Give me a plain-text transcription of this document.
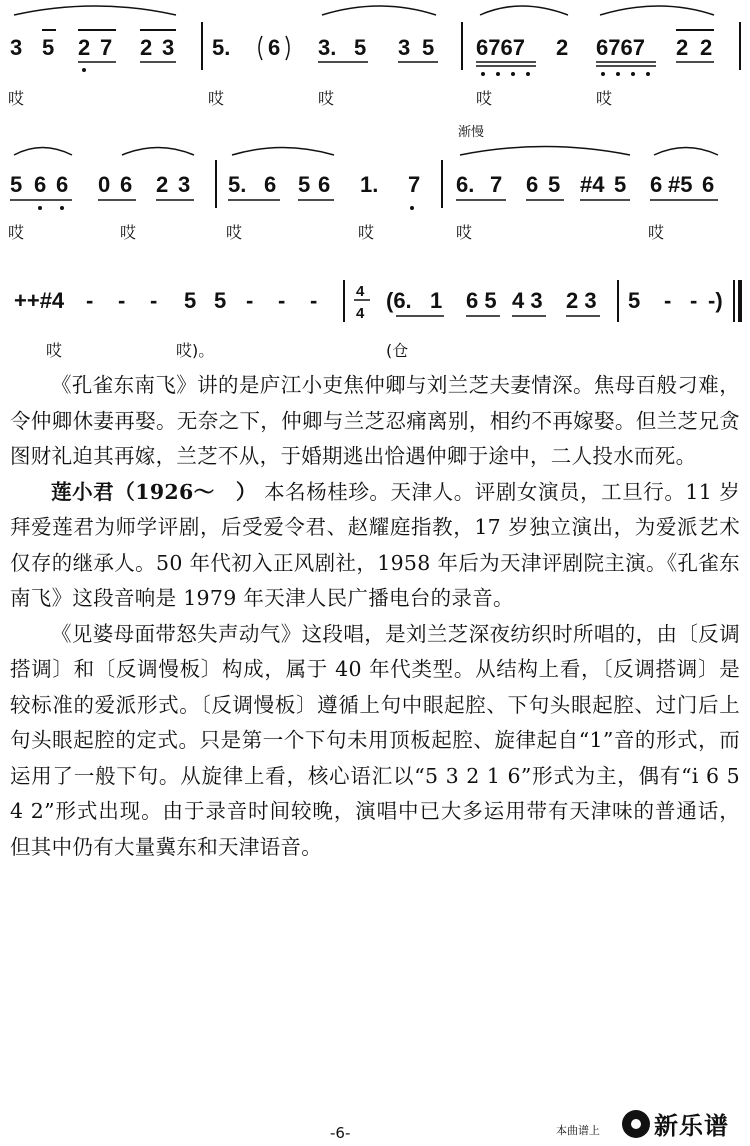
3 5 2 7 2 3 5. 6 3. 5 3 5 6767 2 6767 2 2
哎	哎	哎	哎	哎
渐慢
5 6 6 0 6 2 3 5. 6 5 6 1. 7 6. 7 6 5 #4 5 6 #5 6
哎	哎	哎	哎	哎	哎
++#4 - - - 5 5 - - -	4
4
(6. 1 6 5 4 3 2 3 5 - - -)
哎	哎)。	(仓

《孔雀东南飞》讲的是庐江小吏焦仲卿与刘兰芝夫妻情深。焦母百般刁难，令仲卿休妻再娶。无奈之下，仲卿与兰芝忍痛离别，相约不再嫁娶。但兰芝兄贪图财礼迫其再嫁，兰芝不从，于婚期逃出恰遇仲卿于途中，二人投水而死。

莲小君（1926～　） 本名杨桂珍。天津人。评剧女演员，工旦行。11 岁拜爱莲君为师学评剧，后受爱令君、赵耀庭指教，17 岁独立演出，为爱派艺术仅存的继承人。50 年代初入正风剧社，1958 年后为天津评剧院主演。《孔雀东南飞》这段音响是 1979 年天津人民广播电台的录音。

《见婆母面带怒失声动气》这段唱，是刘兰芝深夜纺织时所唱的，由〔反调搭调〕和〔反调慢板〕构成，属于 40 年代类型。从结构上看，〔反调搭调〕是较标准的爱派形式。〔反调慢板〕遵循上句中眼起腔、下句头眼起腔、过门后上句头眼起腔的定式。只是第一个下句未用顶板起腔、旋律起自“1”音的形式，而运用了一般下句。从旋律上看，核心语汇以“5 3 2 1 6”形式为主，偶有“i 6 5 4 2”形式出现。由于录音时间较晚，演唱中已大多运用带有天津味的普通话，但其中仍有大量冀东和天津语音。

-6-	本曲谱上 新乐谱
